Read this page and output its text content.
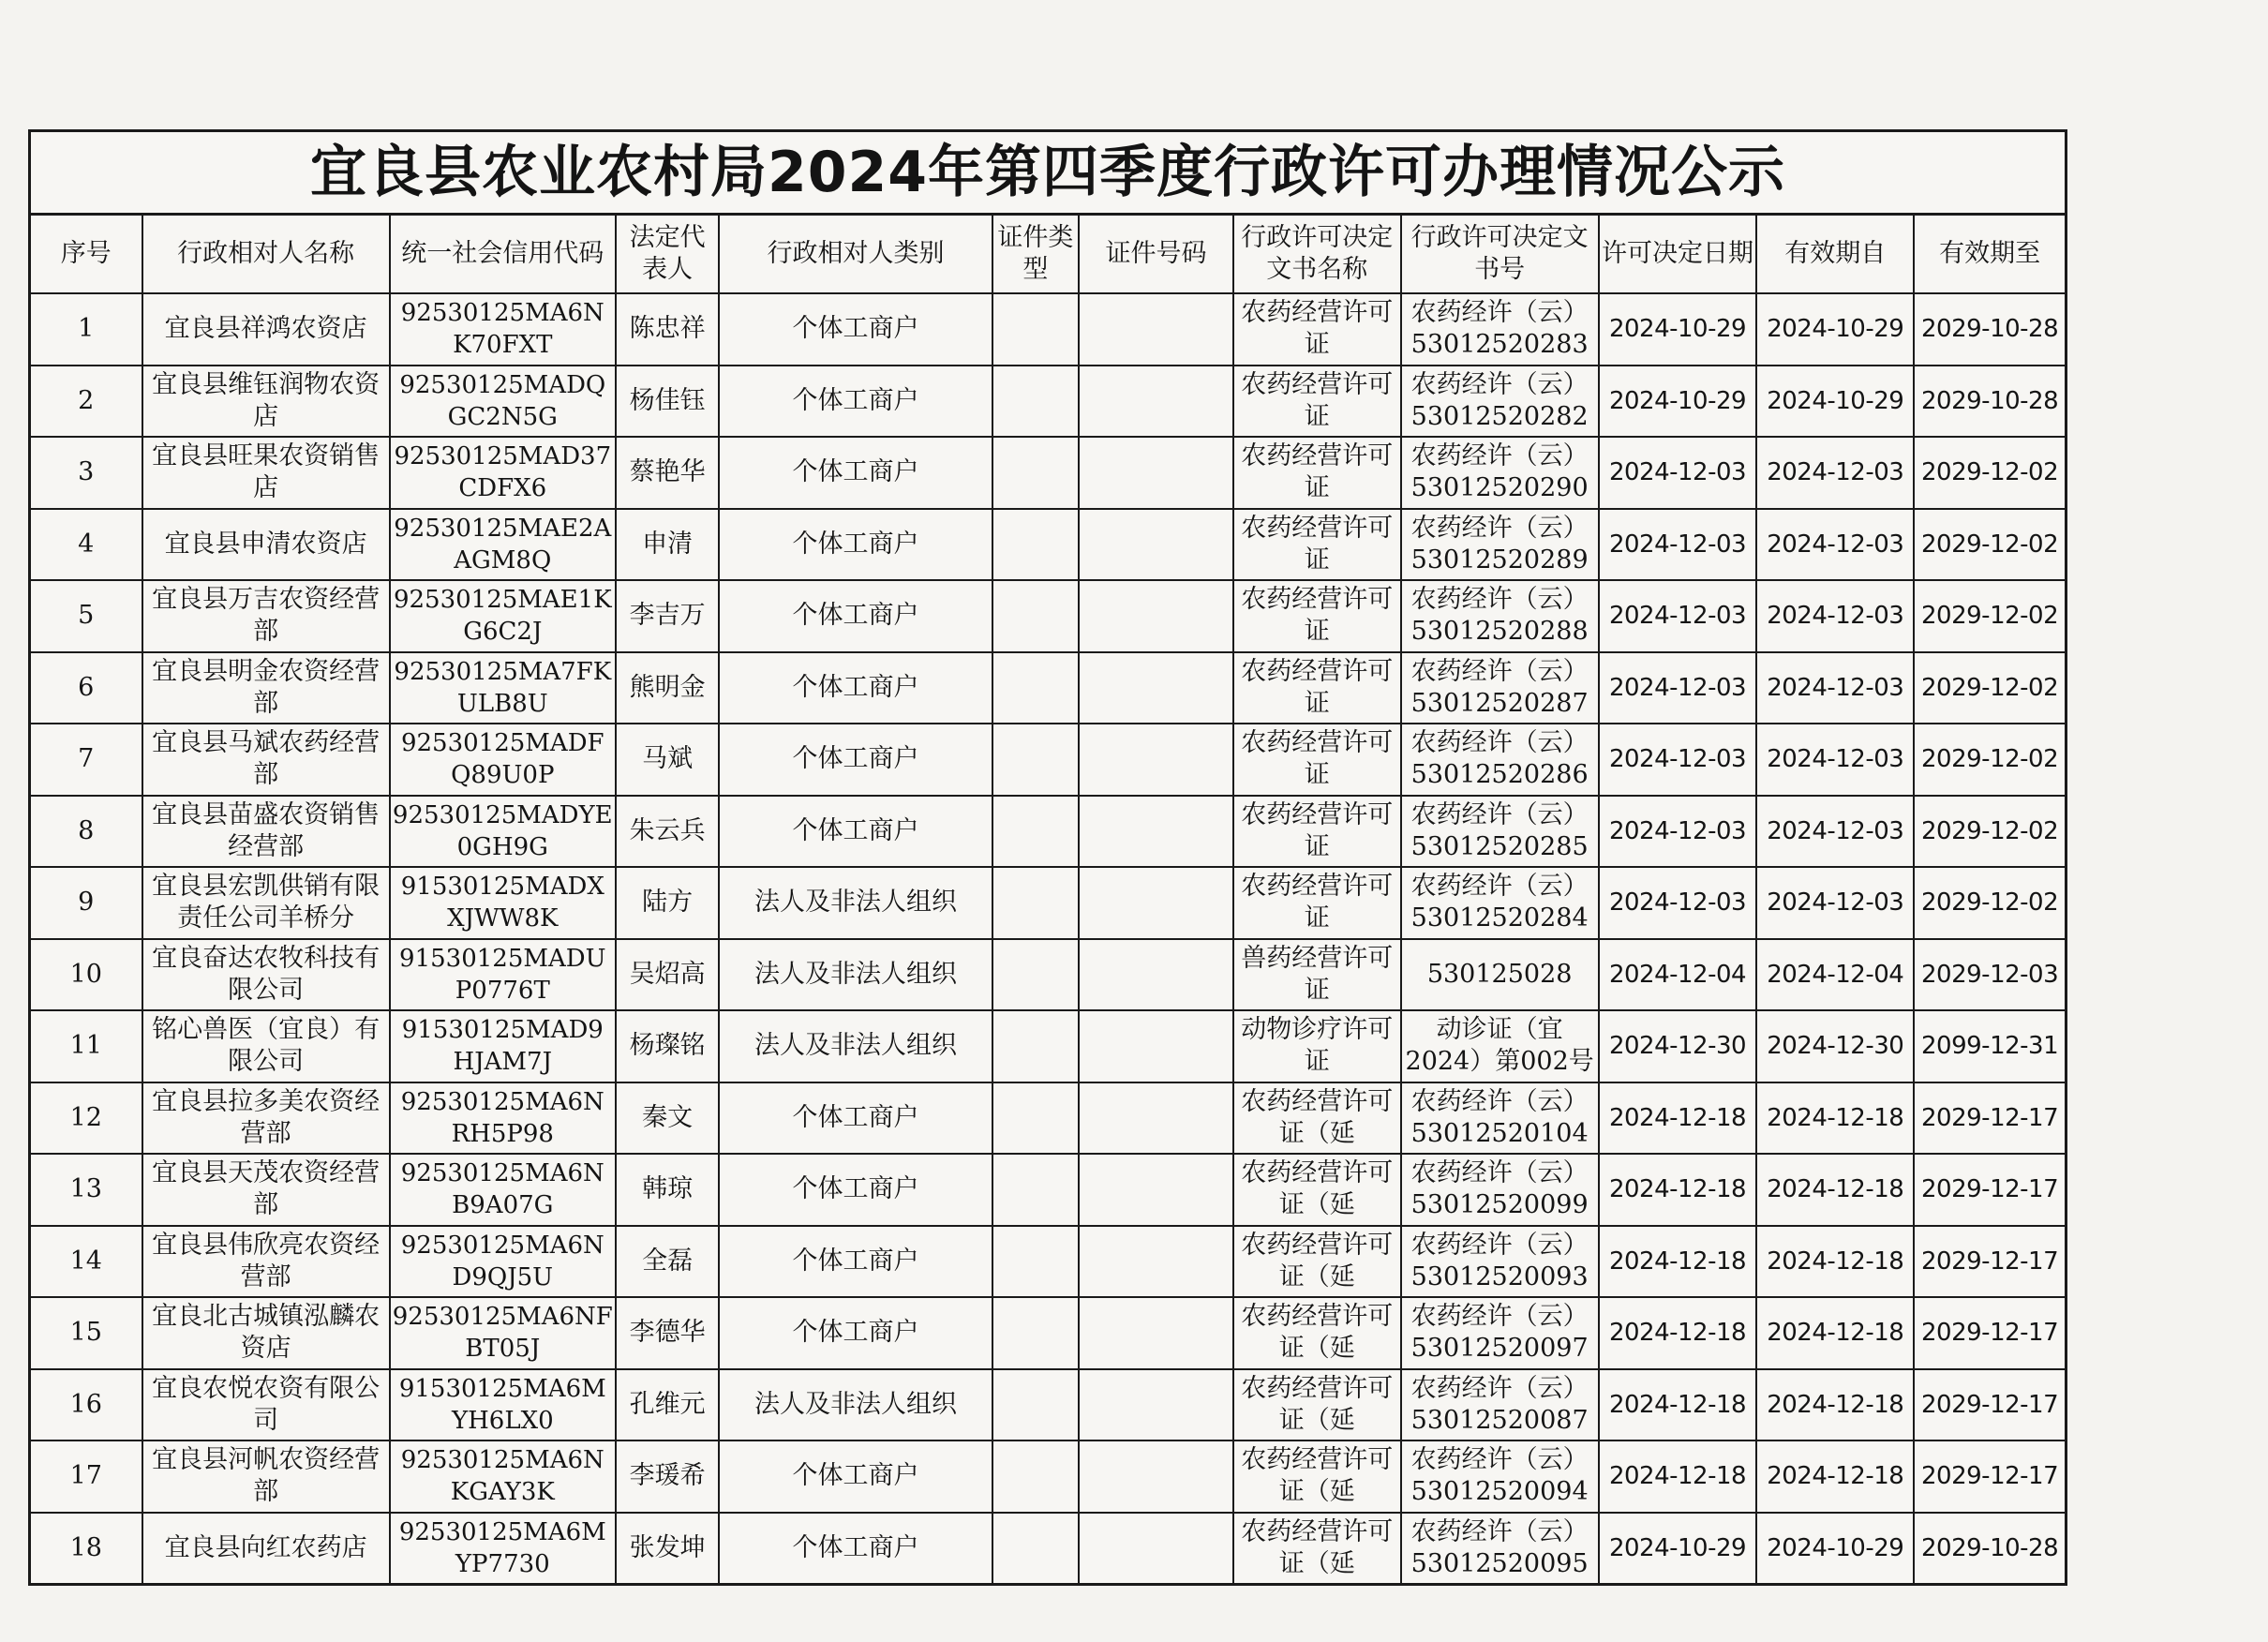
宜良县农业农村局2024年第四季度行政许可办理情况公示
序号	行政相对人名称	统一社会信用代码	法定代表人	行政相对人类别	证件类型	证件号码	行政许可决定文书名称	行政许可决定文书号	许可决定日期	有效期自	有效期至
1	宜良县祥鸿农资店	92530125MA6NK70FXT	陈忠祥	个体工商户			农药经营许可证	农药经许（云）53012520283	2024-10-29	2024-10-29	2029-10-28
2	宜良县维钰润物农资店	92530125MADQGC2N5G	杨佳钰	个体工商户			农药经营许可证	农药经许（云）53012520282	2024-10-29	2024-10-29	2029-10-28
3	宜良县旺果农资销售店	92530125MAD37CDFX6	蔡艳华	个体工商户			农药经营许可证	农药经许（云）53012520290	2024-12-03	2024-12-03	2029-12-02
4	宜良县申清农资店	92530125MAE2AAGM8Q	申清	个体工商户			农药经营许可证	农药经许（云）53012520289	2024-12-03	2024-12-03	2029-12-02
5	宜良县万吉农资经营部	92530125MAE1KG6C2J	李吉万	个体工商户			农药经营许可证	农药经许（云）53012520288	2024-12-03	2024-12-03	2029-12-02
6	宜良县明金农资经营部	92530125MA7FKULB8U	熊明金	个体工商户			农药经营许可证	农药经许（云）53012520287	2024-12-03	2024-12-03	2029-12-02
7	宜良县马斌农药经营部	92530125MADFQ89U0P	马斌	个体工商户			农药经营许可证	农药经许（云）53012520286	2024-12-03	2024-12-03	2029-12-02
8	宜良县苗盛农资销售经营部	92530125MADYE0GH9G	朱云兵	个体工商户			农药经营许可证	农药经许（云）53012520285	2024-12-03	2024-12-03	2029-12-02
9	宜良县宏凯供销有限责任公司羊桥分	91530125MADXXJWW8K	陆方	法人及非法人组织			农药经营许可证	农药经许（云）53012520284	2024-12-03	2024-12-03	2029-12-02
10	宜良奋达农牧科技有限公司	91530125MADUP0776T	吴炤高	法人及非法人组织			兽药经营许可证	530125028	2024-12-04	2024-12-04	2029-12-03
11	铭心兽医（宜良）有限公司	91530125MAD9HJAM7J	杨璨铭	法人及非法人组织			动物诊疗许可证	动诊证（宜2024）第002号	2024-12-30	2024-12-30	2099-12-31
12	宜良县拉多美农资经营部	92530125MA6NRH5P98	秦文	个体工商户			农药经营许可证（延	农药经许（云）53012520104	2024-12-18	2024-12-18	2029-12-17
13	宜良县天茂农资经营部	92530125MA6NB9A07G	韩琼	个体工商户			农药经营许可证（延	农药经许（云）53012520099	2024-12-18	2024-12-18	2029-12-17
14	宜良县伟欣亮农资经营部	92530125MA6ND9QJ5U	全磊	个体工商户			农药经营许可证（延	农药经许（云）53012520093	2024-12-18	2024-12-18	2029-12-17
15	宜良北古城镇泓麟农资店	92530125MA6NFBT05J	李德华	个体工商户			农药经营许可证（延	农药经许（云）53012520097	2024-12-18	2024-12-18	2029-12-17
16	宜良农悦农资有限公司	91530125MA6MYH6LX0	孔维元	法人及非法人组织			农药经营许可证（延	农药经许（云）53012520087	2024-12-18	2024-12-18	2029-12-17
17	宜良县河帆农资经营部	92530125MA6NKGAY3K	李瑗希	个体工商户			农药经营许可证（延	农药经许（云）53012520094	2024-12-18	2024-12-18	2029-12-17
18	宜良县向红农药店	92530125MA6MYP7730	张发坤	个体工商户			农药经营许可证（延	农药经许（云）53012520095	2024-10-29	2024-10-29	2029-10-28
